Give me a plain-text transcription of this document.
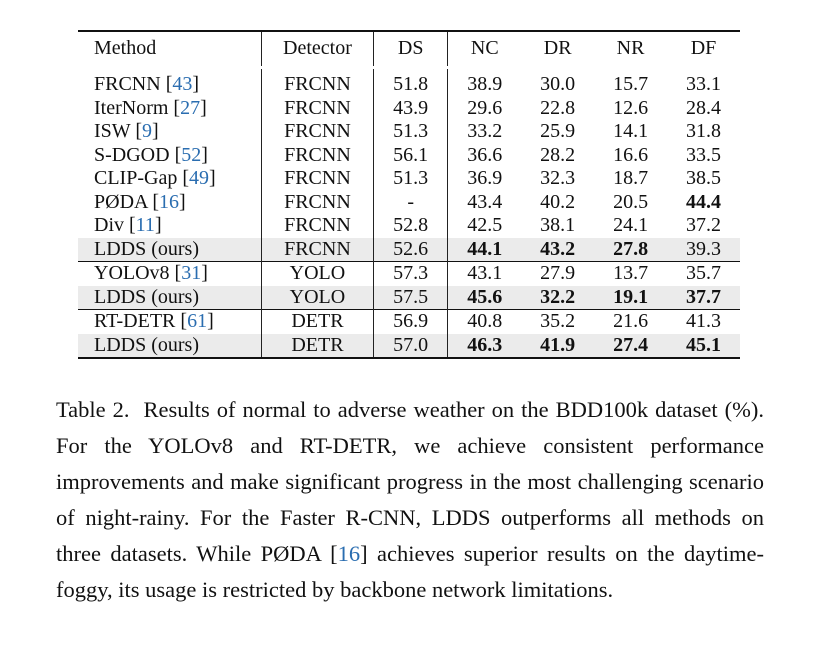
Method	Detector	DS	NC	DR	NR	DF
FRCNN [43]	FRCNN	51.8	38.9	30.0	15.7	33.1
IterNorm [27]	FRCNN	43.9	29.6	22.8	12.6	28.4
ISW [9]	FRCNN	51.3	33.2	25.9	14.1	31.8
S-DGOD [52]	FRCNN	56.1	36.6	28.2	16.6	33.5
CLIP-Gap [49]	FRCNN	51.3	36.9	32.3	18.7	38.5
PØDA [16]	FRCNN	-	43.4	40.2	20.5	44.4
Div [11]	FRCNN	52.8	42.5	38.1	24.1	37.2
LDDS (ours)	FRCNN	52.6	44.1	43.2	27.8	39.3
YOLOv8 [31]	YOLO	57.3	43.1	27.9	13.7	35.7
LDDS (ours)	YOLO	57.5	45.6	32.2	19.1	37.7
RT-DETR [61]	DETR	56.9	40.8	35.2	21.6	41.3
LDDS (ours)	DETR	57.0	46.3	41.9	27.4	45.1

Table 2. Results of normal to adverse weather on the BDD100k dataset (%). For the YOLOv8 and RT-DETR, we achieve consistent performance improvements and make significant progress in the most challenging scenario of night-rainy. For the Faster R-CNN, LDDS outperforms all methods on three datasets. While PØDA [16] achieves superior results on the daytime-foggy, its usage is restricted by backbone network limitations.
